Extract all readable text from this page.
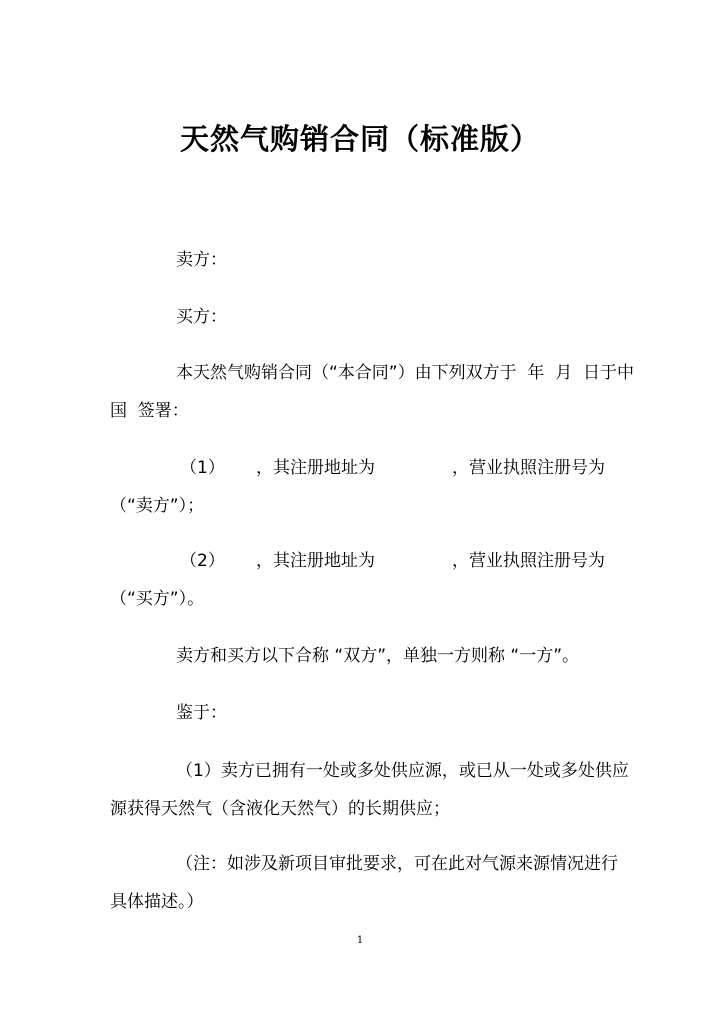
天然气购销合同（标准版）
卖方：
买方：
本天然气购销合同（“本合同”）由下列双方于  年  月  日于中
国  签署：
（1） ，其注册地址为	，营业执照注册号为
（“卖方”）；
（2） ，其注册地址为	，营业执照注册号为
（“买方”）。
卖方和买方以下合称 “双方”，单独一方则称 “一方”。
鉴于：
（1）卖方已拥有一处或多处供应源，或已从一处或多处供应
源获得天然气（含液化天然气）的长期供应；
（注：如涉及新项目审批要求，可在此对气源来源情况进行
具体描述。）
1
